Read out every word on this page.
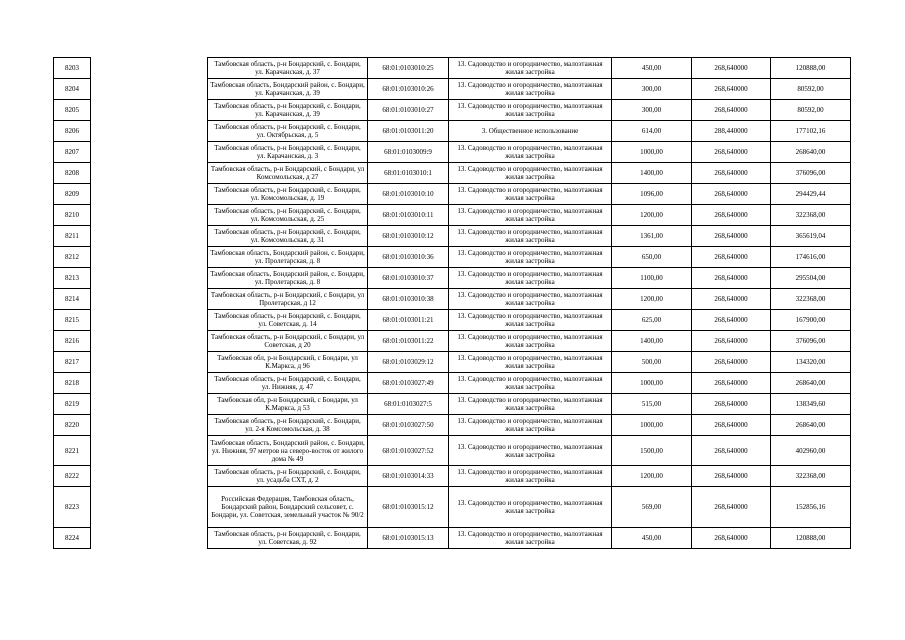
8203		Тамбовская область, р-н Бондарский, с. Бондари, ул. Карачанская, д. 37	68:01:0103010:25	13. Садоводство и огородничество, малоэтажная жилая застройка	450,00	268,640000	120888,00
8204		Тамбовская область, Бондарский район, с. Бондари, ул. Карачанская, д. 39	68:01:0103010:26	13. Садоводство и огородничество, малоэтажная жилая застройка	300,00	268,640000	80592,00
8205		Тамбовская область, р-н Бондарский, с. Бондари, ул. Карачанская, д. 39	68:01:0103010:27	13. Садоводство и огородничество, малоэтажная жилая застройка	300,00	268,640000	80592,00
8206		Тамбовская область, р-н Бондарский, с. Бондари, ул. Октябрьская, д. 5	68:01:0103011:20	3. Общественное использование	614,00	288,440000	177102,16
8207		Тамбовская область, р-н Бондарский, с. Бондари, ул. Карачанская, д. 3	68:01:0103009:9	13. Садоводство и огородничество, малоэтажная жилая застройка	1000,00	268,640000	268640,00
8208		Тамбовская область, р-н Бондарский, с Бондари, ул Комсомольская, д 27	68:01:0103010:1	13. Садоводство и огородничество, малоэтажная жилая застройка	1400,00	268,640000	376096,00
8209		Тамбовская область, р-н Бондарский, с. Бондари, ул. Комсомольская, д. 19	68:01:0103010:10	13. Садоводство и огородничество, малоэтажная жилая застройка	1096,00	268,640000	294429,44
8210		Тамбовская область, р-н Бондарский, с. Бондари, ул. Комсомольская, д. 25	68:01:0103010:11	13. Садоводство и огородничество, малоэтажная жилая застройка	1200,00	268,640000	322368,00
8211		Тамбовская область, р-н Бондарский, с. Бондари, ул. Комсомольская, д. 31	68:01:0103010:12	13. Садоводство и огородничество, малоэтажная жилая застройка	1361,00	268,640000	365619,04
8212		Тамбовская область, Бондарский район, с. Бондари, ул. Пролетарская, д. 8	68:01:0103010:36	13. Садоводство и огородничество, малоэтажная жилая застройка	650,00	268,640000	174616,00
8213		Тамбовская область, Бондарский район, с. Бондари, ул. Пролетарская, д. 8	68:01:0103010:37	13. Садоводство и огородничество, малоэтажная жилая застройка	1100,00	268,640000	295504,00
8214		Тамбовская область, р-н Бондарский, с Бондари, ул Пролетарская, д 12	68:01:0103010:38	13. Садоводство и огородничество, малоэтажная жилая застройка	1200,00	268,640000	322368,00
8215		Тамбовская область, р-н Бондарский, с. Бондари, ул. Советская, д. 14	68:01:0103011:21	13. Садоводство и огородничество, малоэтажная жилая застройка	625,00	268,640000	167900,00
8216		Тамбовская область, р-н Бондарский, с Бондари, ул Советская, д 20	68:01:0103011:22	13. Садоводство и огородничество, малоэтажная жилая застройка	1400,00	268,640000	376096,00
8217		Тамбовская обл, р-н Бондарский, с Бондари, ул К.Маркса, д 96	68:01:0103029:12	13. Садоводство и огородничество, малоэтажная жилая застройка	500,00	268,640000	134320,00
8218		Тамбовская область, р-н Бондарский, с. Бондари, ул. Нижняя, д. 47	68:01:0103027:49	13. Садоводство и огородничество, малоэтажная жилая застройка	1000,00	268,640000	268640,00
8219		Тамбовская обл, р-н Бондарский, с Бондари, ул К.Маркса, д 53	68:01:0103027:5	13. Садоводство и огородничество, малоэтажная жилая застройка	515,00	268,640000	138349,60
8220		Тамбовская область, р-н Бондарский, с. Бондари, ул. 2-я Комсомольская, д. 38	68:01:0103027:50	13. Садоводство и огородничество, малоэтажная жилая застройка	1000,00	268,640000	268640,00
8221		Тамбовская область, Бондарский район, с. Бондари, ул. Нижняя, 97 метров на северо-восток от жилого дома № 49	68:01:0103027:52	13. Садоводство и огородничество, малоэтажная жилая застройка	1500,00	268,640000	402960,00
8222		Тамбовская область, р-н Бондарский, с. Бондари, ул. усадьба СХТ, д. 2	68:01:0103014:33	13. Садоводство и огородничество, малоэтажная жилая застройка	1200,00	268,640000	322368,00
8223		Российская Федерация, Тамбовская область, Бондарский район, Бондарский сельсовет, с. Бондари, ул. Советская, земельный участок № 90/2	68:01:0103015:12	13. Садоводство и огородничество, малоэтажная жилая застройка	569,00	268,640000	152856,16
8224		Тамбовская область, р-н Бондарский, с. Бондари, ул. Советская, д. 92	68:01:0103015:13	13. Садоводство и огородничество, малоэтажная жилая застройка	450,00	268,640000	120888,00
